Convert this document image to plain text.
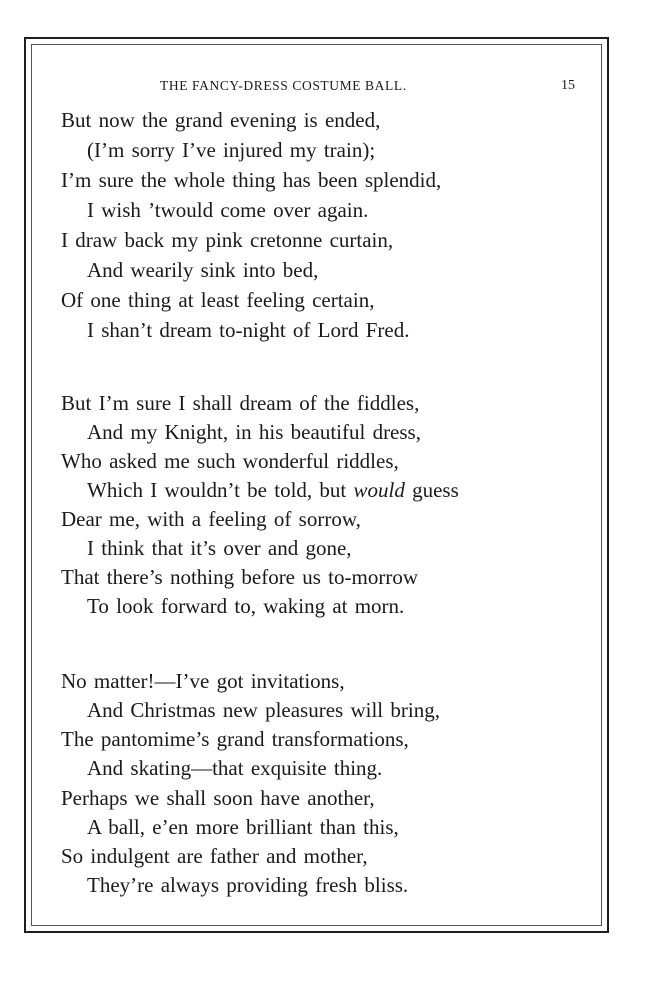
THE FANCY-DRESS COSTUME BALL.	15
But now the grand evening is ended,
(I’m sorry I’ve injured my train);
I’m sure the whole thing has been splendid,
I wish ’twould come over again.
I draw back my pink cretonne curtain,
And wearily sink into bed,
Of one thing at least feeling certain,
I shan’t dream to-night of Lord Fred.
But I’m sure I shall dream of the fiddles,
And my Knight, in his beautiful dress,
Who asked me such wonderful riddles,
Which I wouldn’t be told, but would guess
Dear me, with a feeling of sorrow,
I think that it’s over and gone,
That there’s nothing before us to-morrow
To look forward to, waking at morn.
No matter!—I’ve got invitations,
And Christmas new pleasures will bring,
The pantomime’s grand transformations,
And skating—that exquisite thing.
Perhaps we shall soon have another,
A ball, e’en more brilliant than this,
So indulgent are father and mother,
They’re always providing fresh bliss.
